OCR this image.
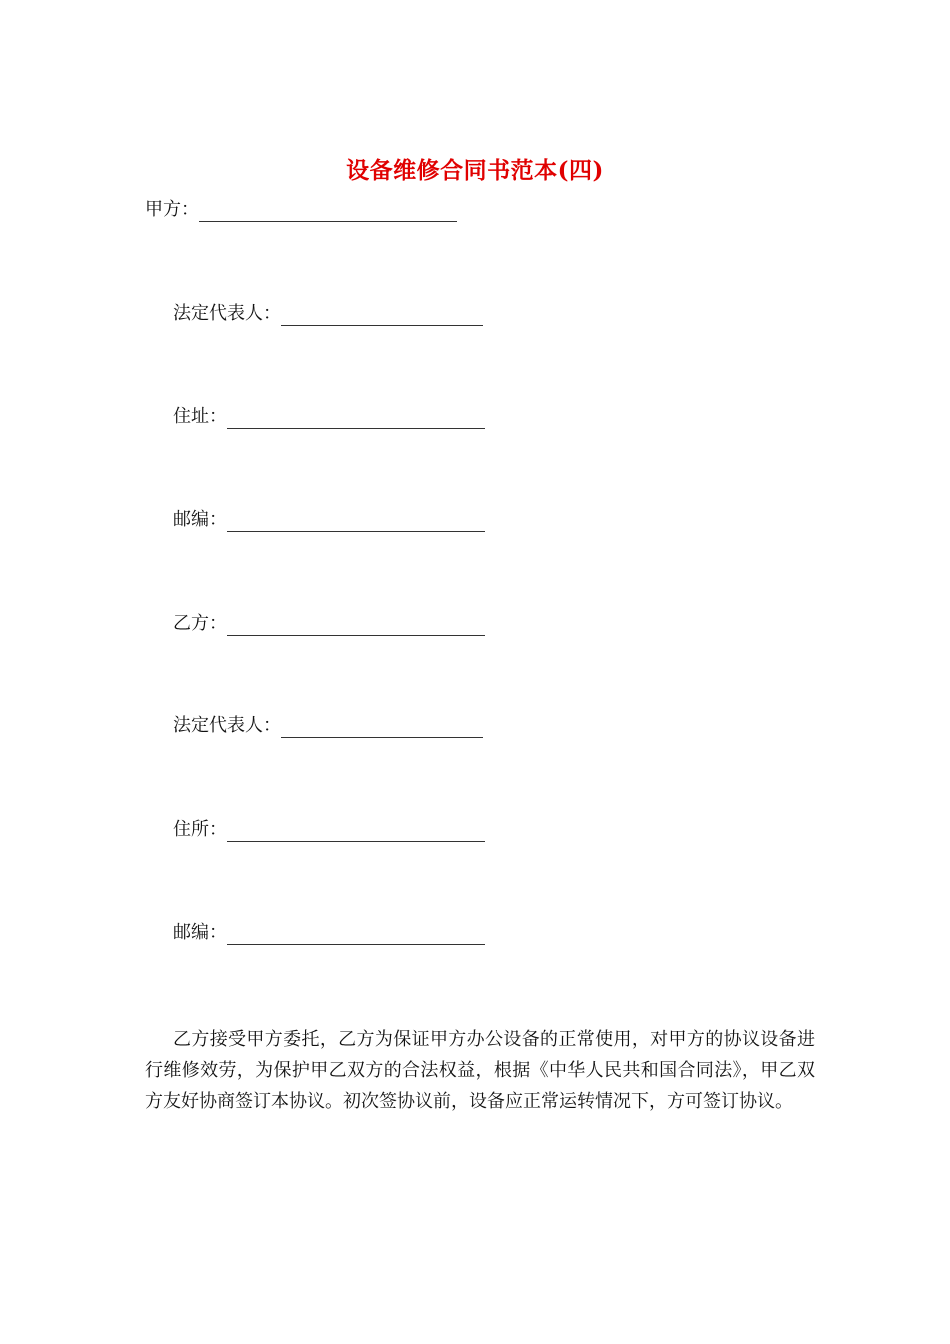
设备维修合同书范本(四)
甲方：
法定代表人：
住址：
邮编：
乙方：
法定代表人：
住所：
邮编：
乙方接受甲方委托，乙方为保证甲方办公设备的正常使用，对甲方的协议设备进行维修效劳，为保护甲乙双方的合法权益，根据《中华人民共和国合同法》，甲乙双方友好协商签订本协议。初次签协议前，设备应正常运转情况下，方可签订协议。
